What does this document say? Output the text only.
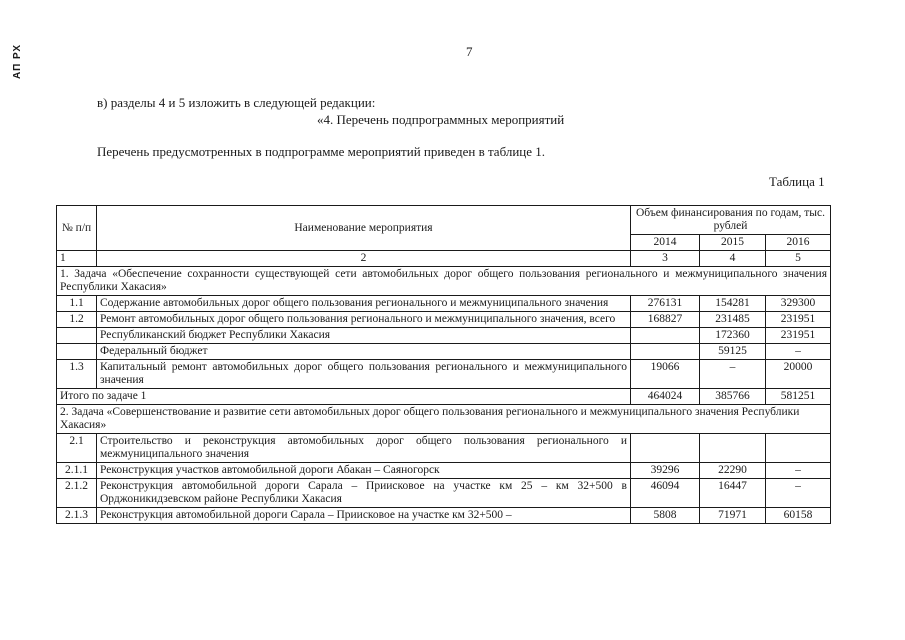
АП РХ	7
в) разделы 4 и 5 изложить в следующей редакции:
«4. Перечень подпрограммных мероприятий
Перечень предусмотренных в подпрограмме мероприятий приведен в таблице 1.
Таблица 1
№ п/п	Наименование мероприятия	Объем финансирования по годам, тыс. рублей		
		2014	2015	2016
1	2	3	4	5
1. Задача «Обеспечение сохранности существующей сети автомобильных дорог общего пользования регионального и межмуниципального значения Республики Хакасия»				
1.1	Содержание автомобильных дорог общего пользования регионального и межмуниципального значения	276131	154281	329300
1.2	Ремонт автомобильных дорог общего пользования регионального и межмуниципального значения, всего	168827	231485	231951
	Республиканский бюджет Республики Хакасия		172360	231951
	Федеральный бюджет		59125	–
1.3	Капитальный ремонт автомобильных дорог общего пользования регионального и межмуниципального значения	19066	–	20000
Итого по задаче 1		464024	385766	581251
2. Задача «Совершенствование и развитие сети автомобильных дорог общего пользования регионального и межмуниципального значения Республики Хакасия»				
2.1	Строительство и реконструкция автомобильных дорог общего пользования регионального и межмуниципального значения			
2.1.1	Реконструкция участков автомобильной дороги Абакан – Саяногорск	39296	22290	–
2.1.2	Реконструкция автомобильной дороги Сарала – Приисковое на участке км 25 – км 32+500 в Орджоникидзевском районе Республики Хакасия	46094	16447	–
2.1.3	Реконструкция автомобильной дороги Сарала – Приисковое на участке км 32+500 –	5808	71971	60158
